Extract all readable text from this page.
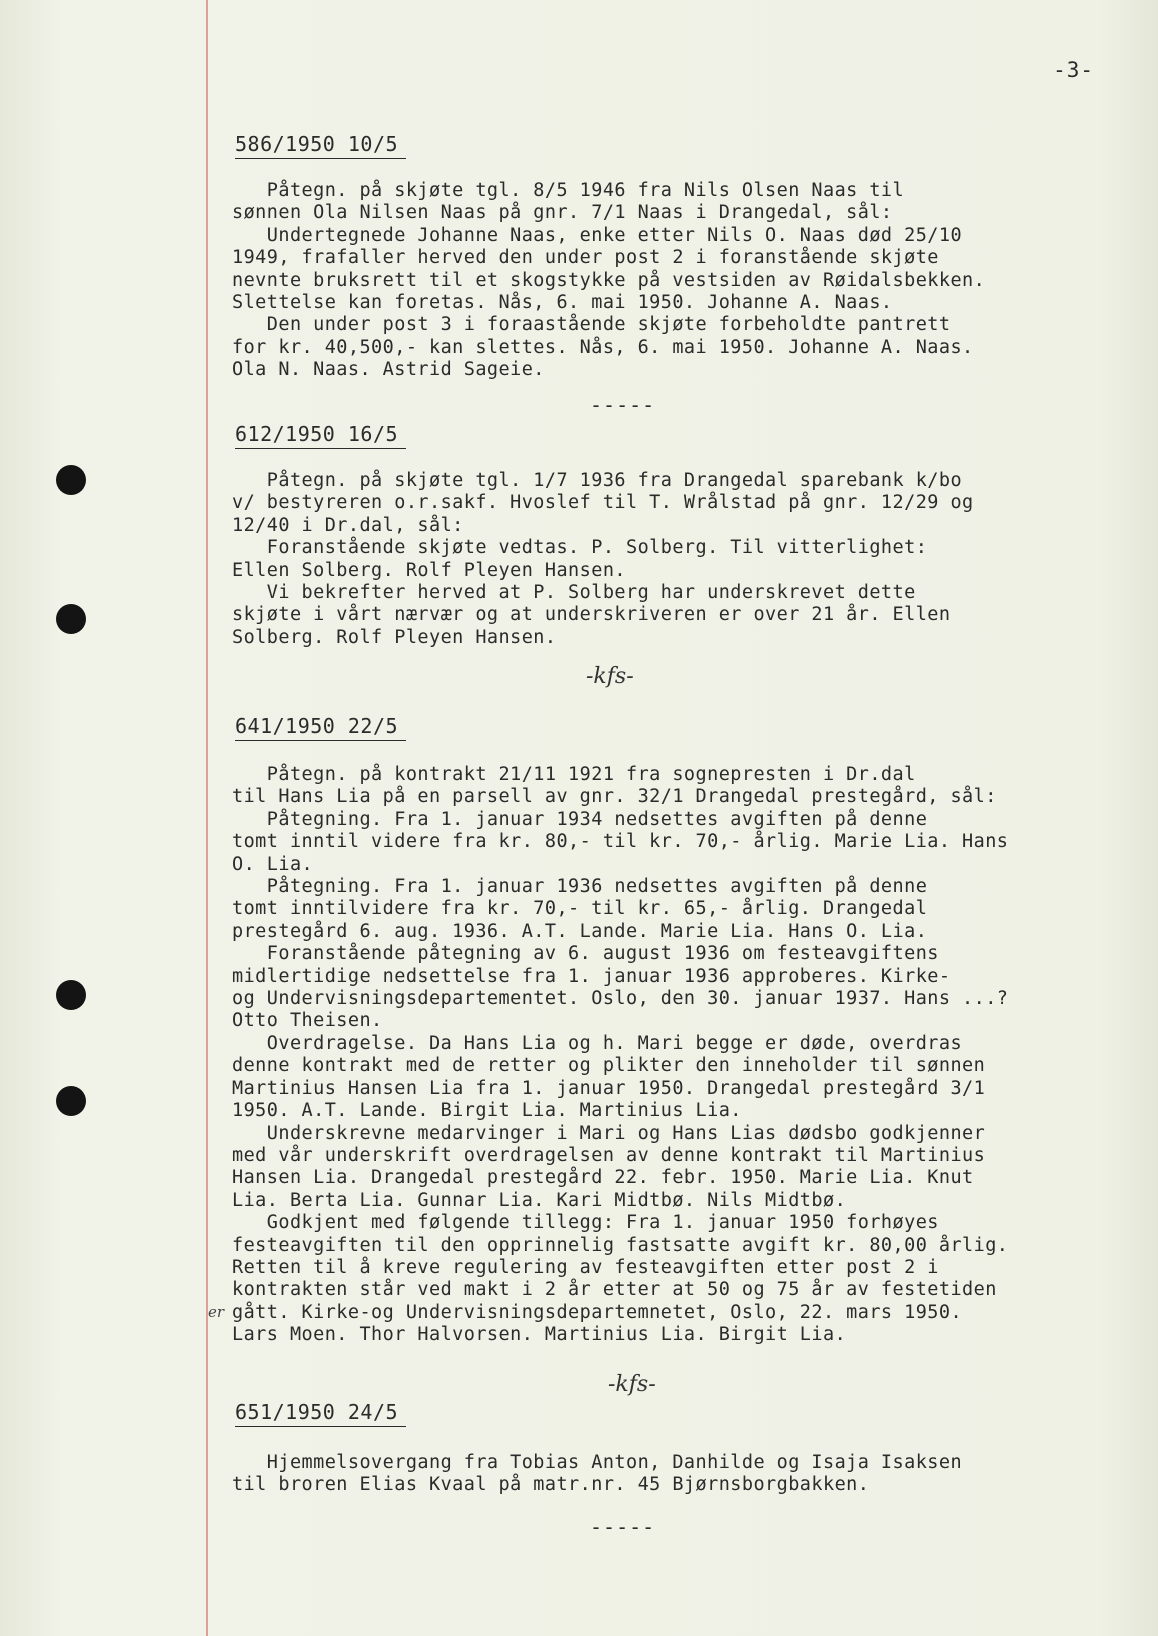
-3-
586/1950 10/5
Påtegn. på skjøte tgl. 8/5 1946 fra Nils Olsen Naas til
sønnen Ola Nilsen Naas på gnr. 7/1 Naas i Drangedal, sål:
Undertegnede Johanne Naas, enke etter Nils O. Naas død 25/10
1949, frafaller herved den under post 2 i foranstående skjøte
nevnte bruksrett til et skogstykke på vestsiden av Røidalsbekken.
Slettelse kan foretas. Nås, 6. mai 1950. Johanne A. Naas.
Den under post 3 i foraastående skjøte forbeholdte pantrett
for kr. 40,500,- kan slettes. Nås, 6. mai 1950. Johanne A. Naas.
Ola N. Naas. Astrid Sageie.
-----
612/1950 16/5
Påtegn. på skjøte tgl. 1/7 1936 fra Drangedal sparebank k/bo
v/ bestyreren o.r.sakf. Hvoslef til T. Wrålstad på gnr. 12/29 og
12/40 i Dr.dal, sål:
Foranstående skjøte vedtas. P. Solberg. Til vitterlighet:
Ellen Solberg. Rolf Pleyen Hansen.
Vi bekrefter herved at P. Solberg har underskrevet dette
skjøte i vårt nærvær og at underskriveren er over 21 år. Ellen
Solberg. Rolf Pleyen Hansen.
-kfs-
641/1950 22/5
Påtegn. på kontrakt 21/11 1921 fra sognepresten i Dr.dal
til Hans Lia på en parsell av gnr. 32/1 Drangedal prestegård, sål:
Påtegning. Fra 1. januar 1934 nedsettes avgiften på denne
tomt inntil videre fra kr. 80,- til kr. 70,- årlig. Marie Lia. Hans
O. Lia.
Påtegning. Fra 1. januar 1936 nedsettes avgiften på denne
tomt inntilvidere fra kr. 70,- til kr. 65,- årlig. Drangedal
prestegård 6. aug. 1936. A.T. Lande. Marie Lia. Hans O. Lia.
Foranstående påtegning av 6. august 1936 om festeavgiftens
midlertidige nedsettelse fra 1. januar 1936 approberes. Kirke-
og Undervisningsdepartementet. Oslo, den 30. januar 1937. Hans ...?
Otto Theisen.
Overdragelse. Da Hans Lia og h. Mari begge er døde, overdras
denne kontrakt med de retter og plikter den inneholder til sønnen
Martinius Hansen Lia fra 1. januar 1950. Drangedal prestegård 3/1
1950. A.T. Lande. Birgit Lia. Martinius Lia.
Underskrevne medarvinger i Mari og Hans Lias dødsbo godkjenner
med vår underskrift overdragelsen av denne kontrakt til Martinius
Hansen Lia. Drangedal prestegård 22. febr. 1950. Marie Lia. Knut
Lia. Berta Lia. Gunnar Lia. Kari Midtbø. Nils Midtbø.
Godkjent med følgende tillegg: Fra 1. januar 1950 forhøyes
festeavgiften til den opprinnelig fastsatte avgift kr. 80,00 årlig.
Retten til å kreve regulering av festeavgiften etter post 2 i
kontrakten står ved makt i 2 år etter at 50 og 75 år av festetiden
gått. Kirke-og Undervisningsdepartemnetet, Oslo, 22. mars 1950.
Lars Moen. Thor Halvorsen. Martinius Lia. Birgit Lia.
er
-kfs-
651/1950 24/5
Hjemmelsovergang fra Tobias Anton, Danhilde og Isaja Isaksen
til broren Elias Kvaal på matr.nr. 45 Bjørnsborgbakken.
-----
